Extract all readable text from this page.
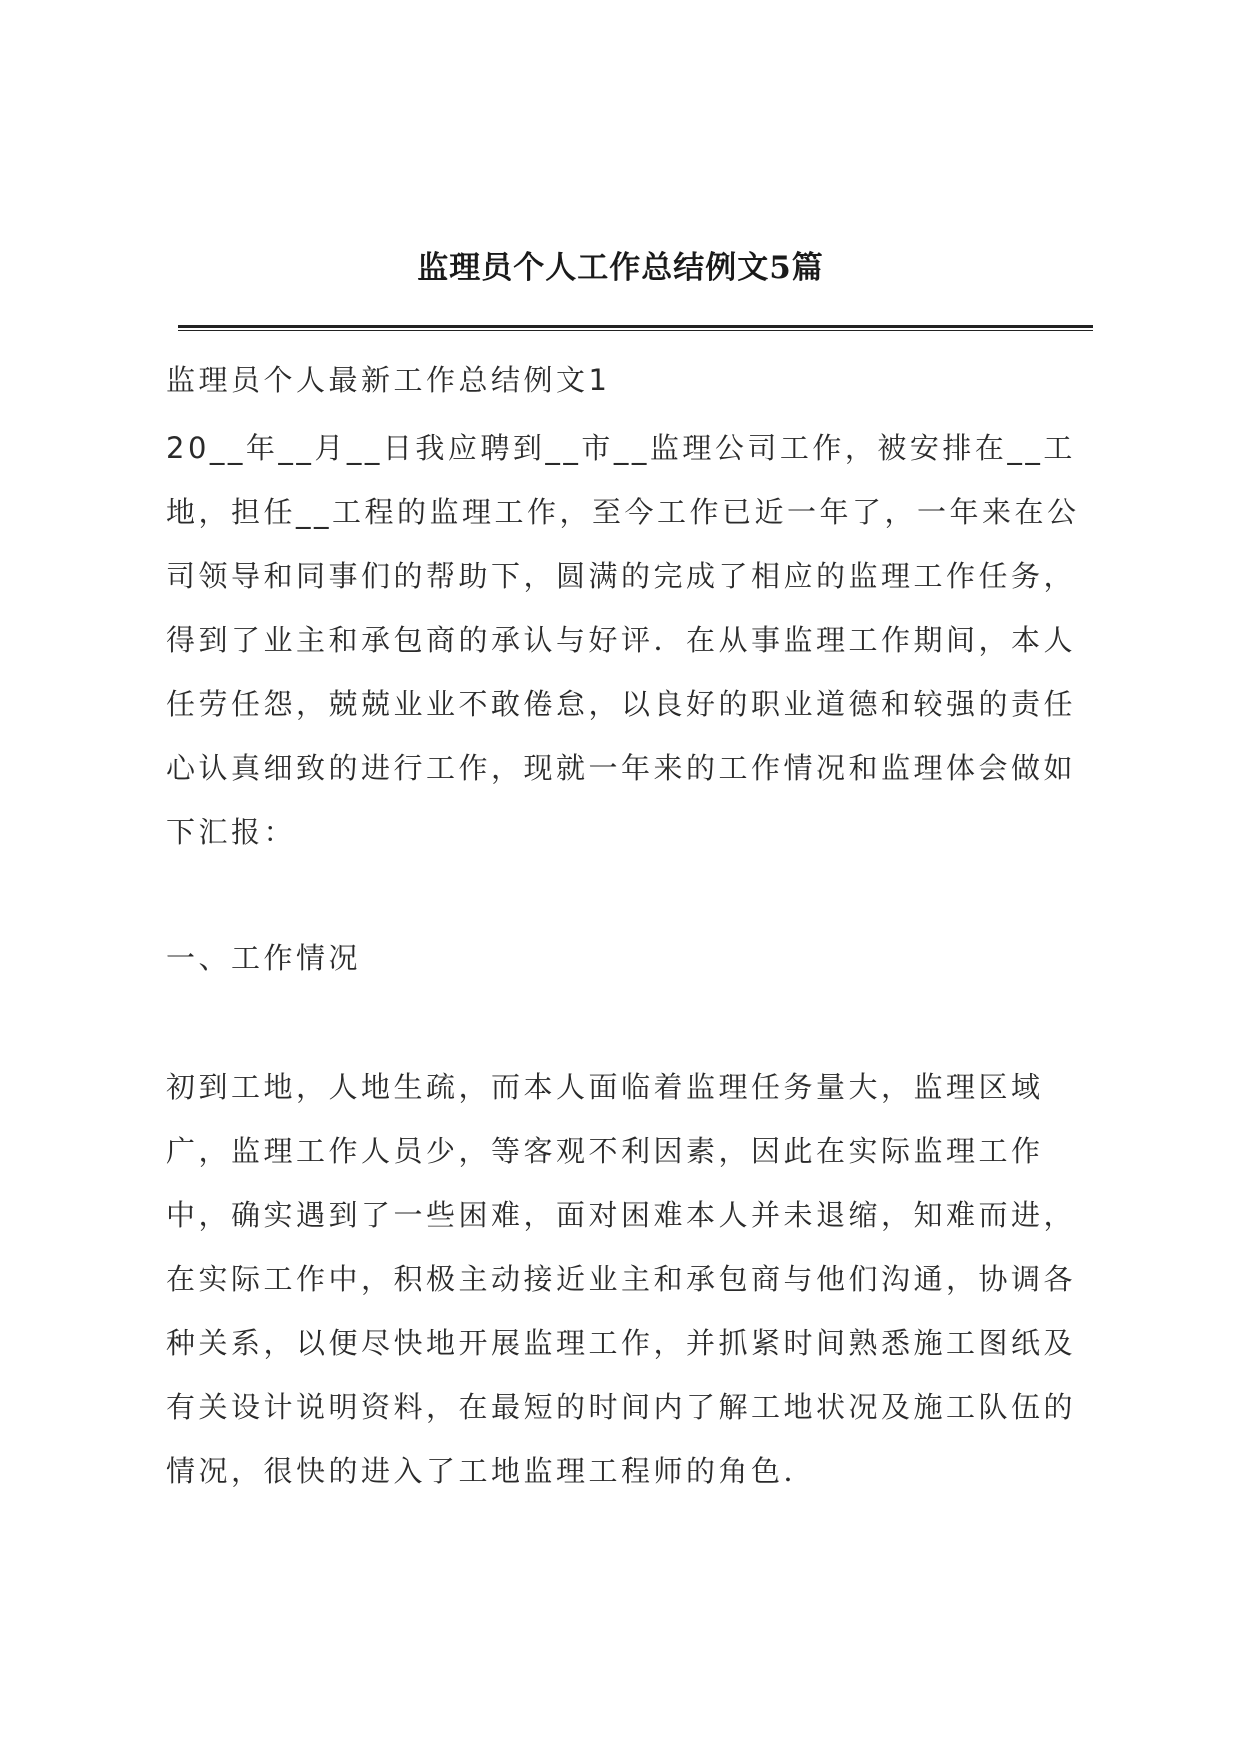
监理员个人工作总结例文5篇

监理员个人最新工作总结例文1

20__年__月__日我应聘到__市__监理公司工作，被安排在__工
地，担任__工程的监理工作，至今工作已近一年了，一年来在公
司领导和同事们的帮助下，圆满的完成了相应的监理工作任务，
得到了业主和承包商的承认与好评．在从事监理工作期间，本人
任劳任怨，兢兢业业不敢倦怠，以良好的职业道德和较强的责任
心认真细致的进行工作，现就一年来的工作情况和监理体会做如
下汇报：

一、工作情况

初到工地，人地生疏，而本人面临着监理任务量大，监理区域
广，监理工作人员少，等客观不利因素，因此在实际监理工作
中，确实遇到了一些困难，面对困难本人并未退缩，知难而进，
在实际工作中，积极主动接近业主和承包商与他们沟通，协调各
种关系，以便尽快地开展监理工作，并抓紧时间熟悉施工图纸及
有关设计说明资料，在最短的时间内了解工地状况及施工队伍的
情况，很快的进入了工地监理工程师的角色．
